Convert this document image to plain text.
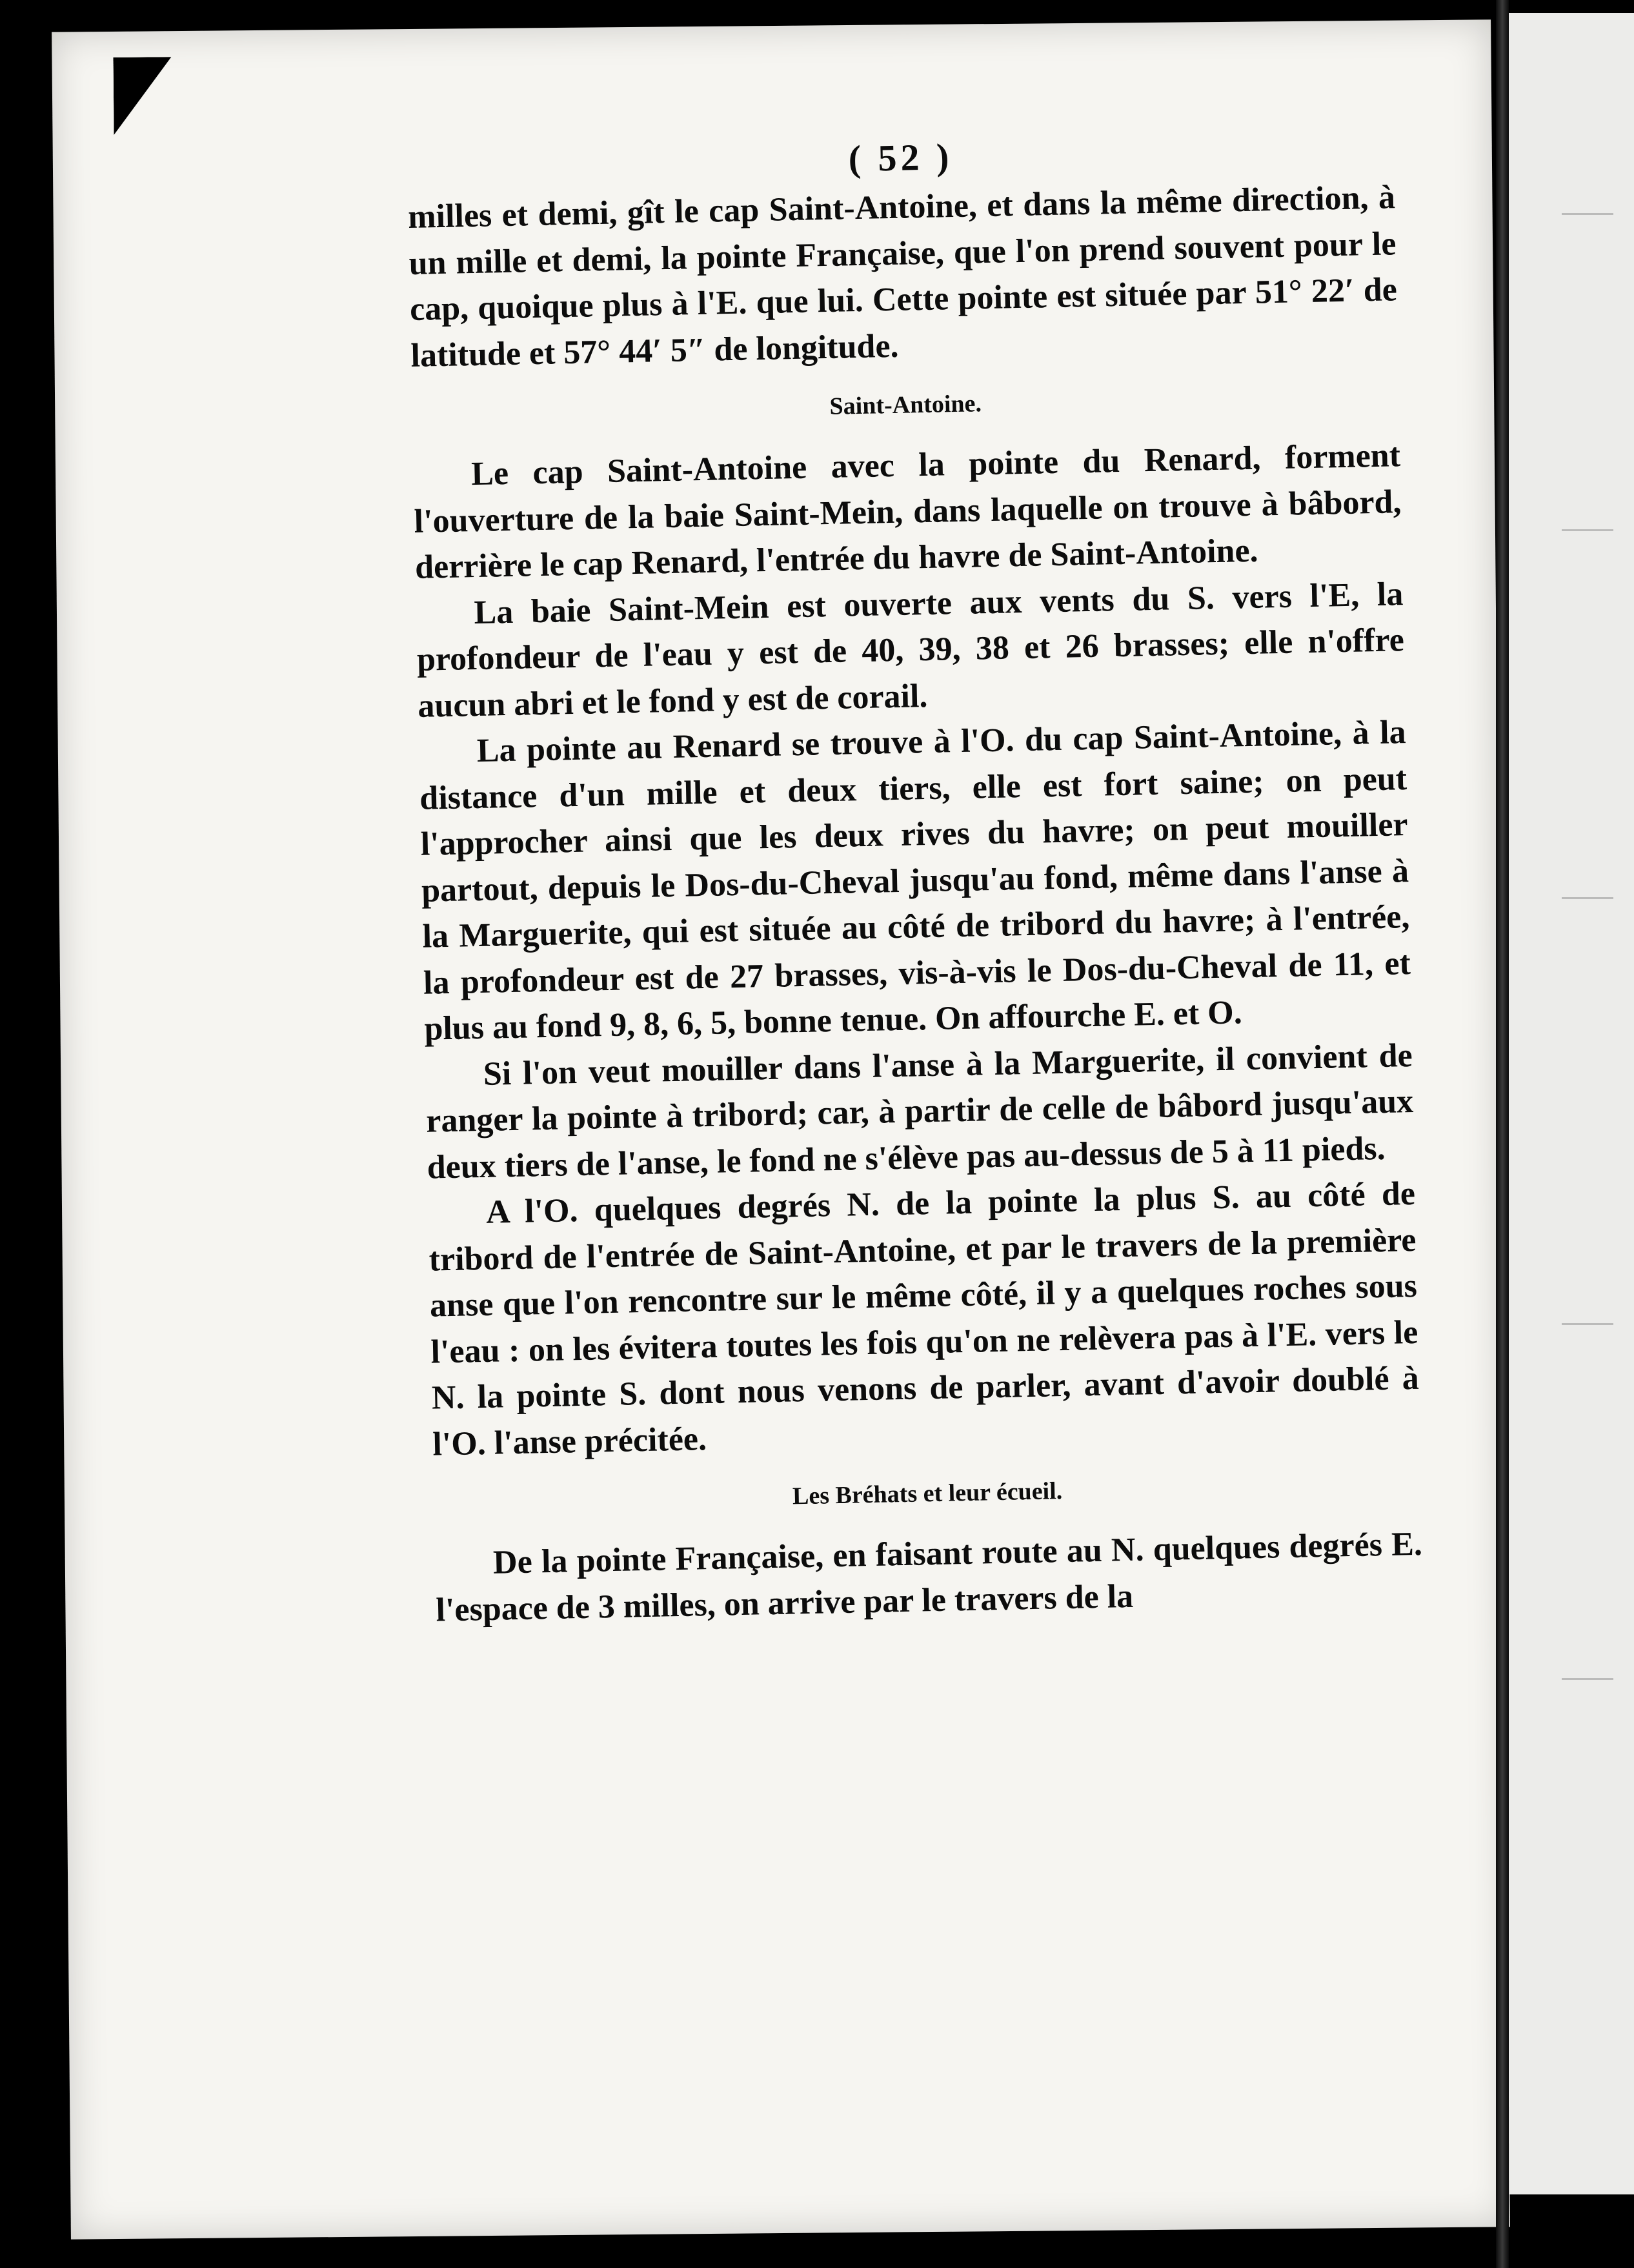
( 52 )

milles et demi, gît le cap Saint-Antoine, et dans la même direction, à un mille et demi, la pointe Française, que l'on prend souvent pour le cap, quoique plus à l'E. que lui. Cette pointe est située par 51° 22′ de latitude et 57° 44′ 5″ de longitude.

Saint-Antoine.

Le cap Saint-Antoine avec la pointe du Renard, forment l'ouverture de la baie Saint-Mein, dans laquelle on trouve à bâbord, derrière le cap Renard, l'entrée du havre de Saint-Antoine.

La baie Saint-Mein est ouverte aux vents du S. vers l'E, la profondeur de l'eau y est de 40, 39, 38 et 26 brasses; elle n'offre aucun abri et le fond y est de corail.

La pointe au Renard se trouve à l'O. du cap Saint-Antoine, à la distance d'un mille et deux tiers, elle est fort saine; on peut l'approcher ainsi que les deux rives du havre; on peut mouiller partout, depuis le Dos-du-Cheval jusqu'au fond, même dans l'anse à la Marguerite, qui est située au côté de tribord du havre; à l'entrée, la profondeur est de 27 brasses, vis-à-vis le Dos-du-Cheval de 11, et plus au fond 9, 8, 6, 5, bonne tenue. On affourche E. et O.

Si l'on veut mouiller dans l'anse à la Marguerite, il convient de ranger la pointe à tribord; car, à partir de celle de bâbord jusqu'aux deux tiers de l'anse, le fond ne s'élève pas au-dessus de 5 à 11 pieds.

A l'O. quelques degrés N. de la pointe la plus S. au côté de tribord de l'entrée de Saint-Antoine, et par le travers de la première anse que l'on rencontre sur le même côté, il y a quelques roches sous l'eau : on les évitera toutes les fois qu'on ne relèvera pas à l'E. vers le N. la pointe S. dont nous venons de parler, avant d'avoir doublé à l'O. l'anse précitée.

Les Bréhats et leur écueil.

De la pointe Française, en faisant route au N. quelques degrés E. l'espace de 3 milles, on arrive par le travers de la
